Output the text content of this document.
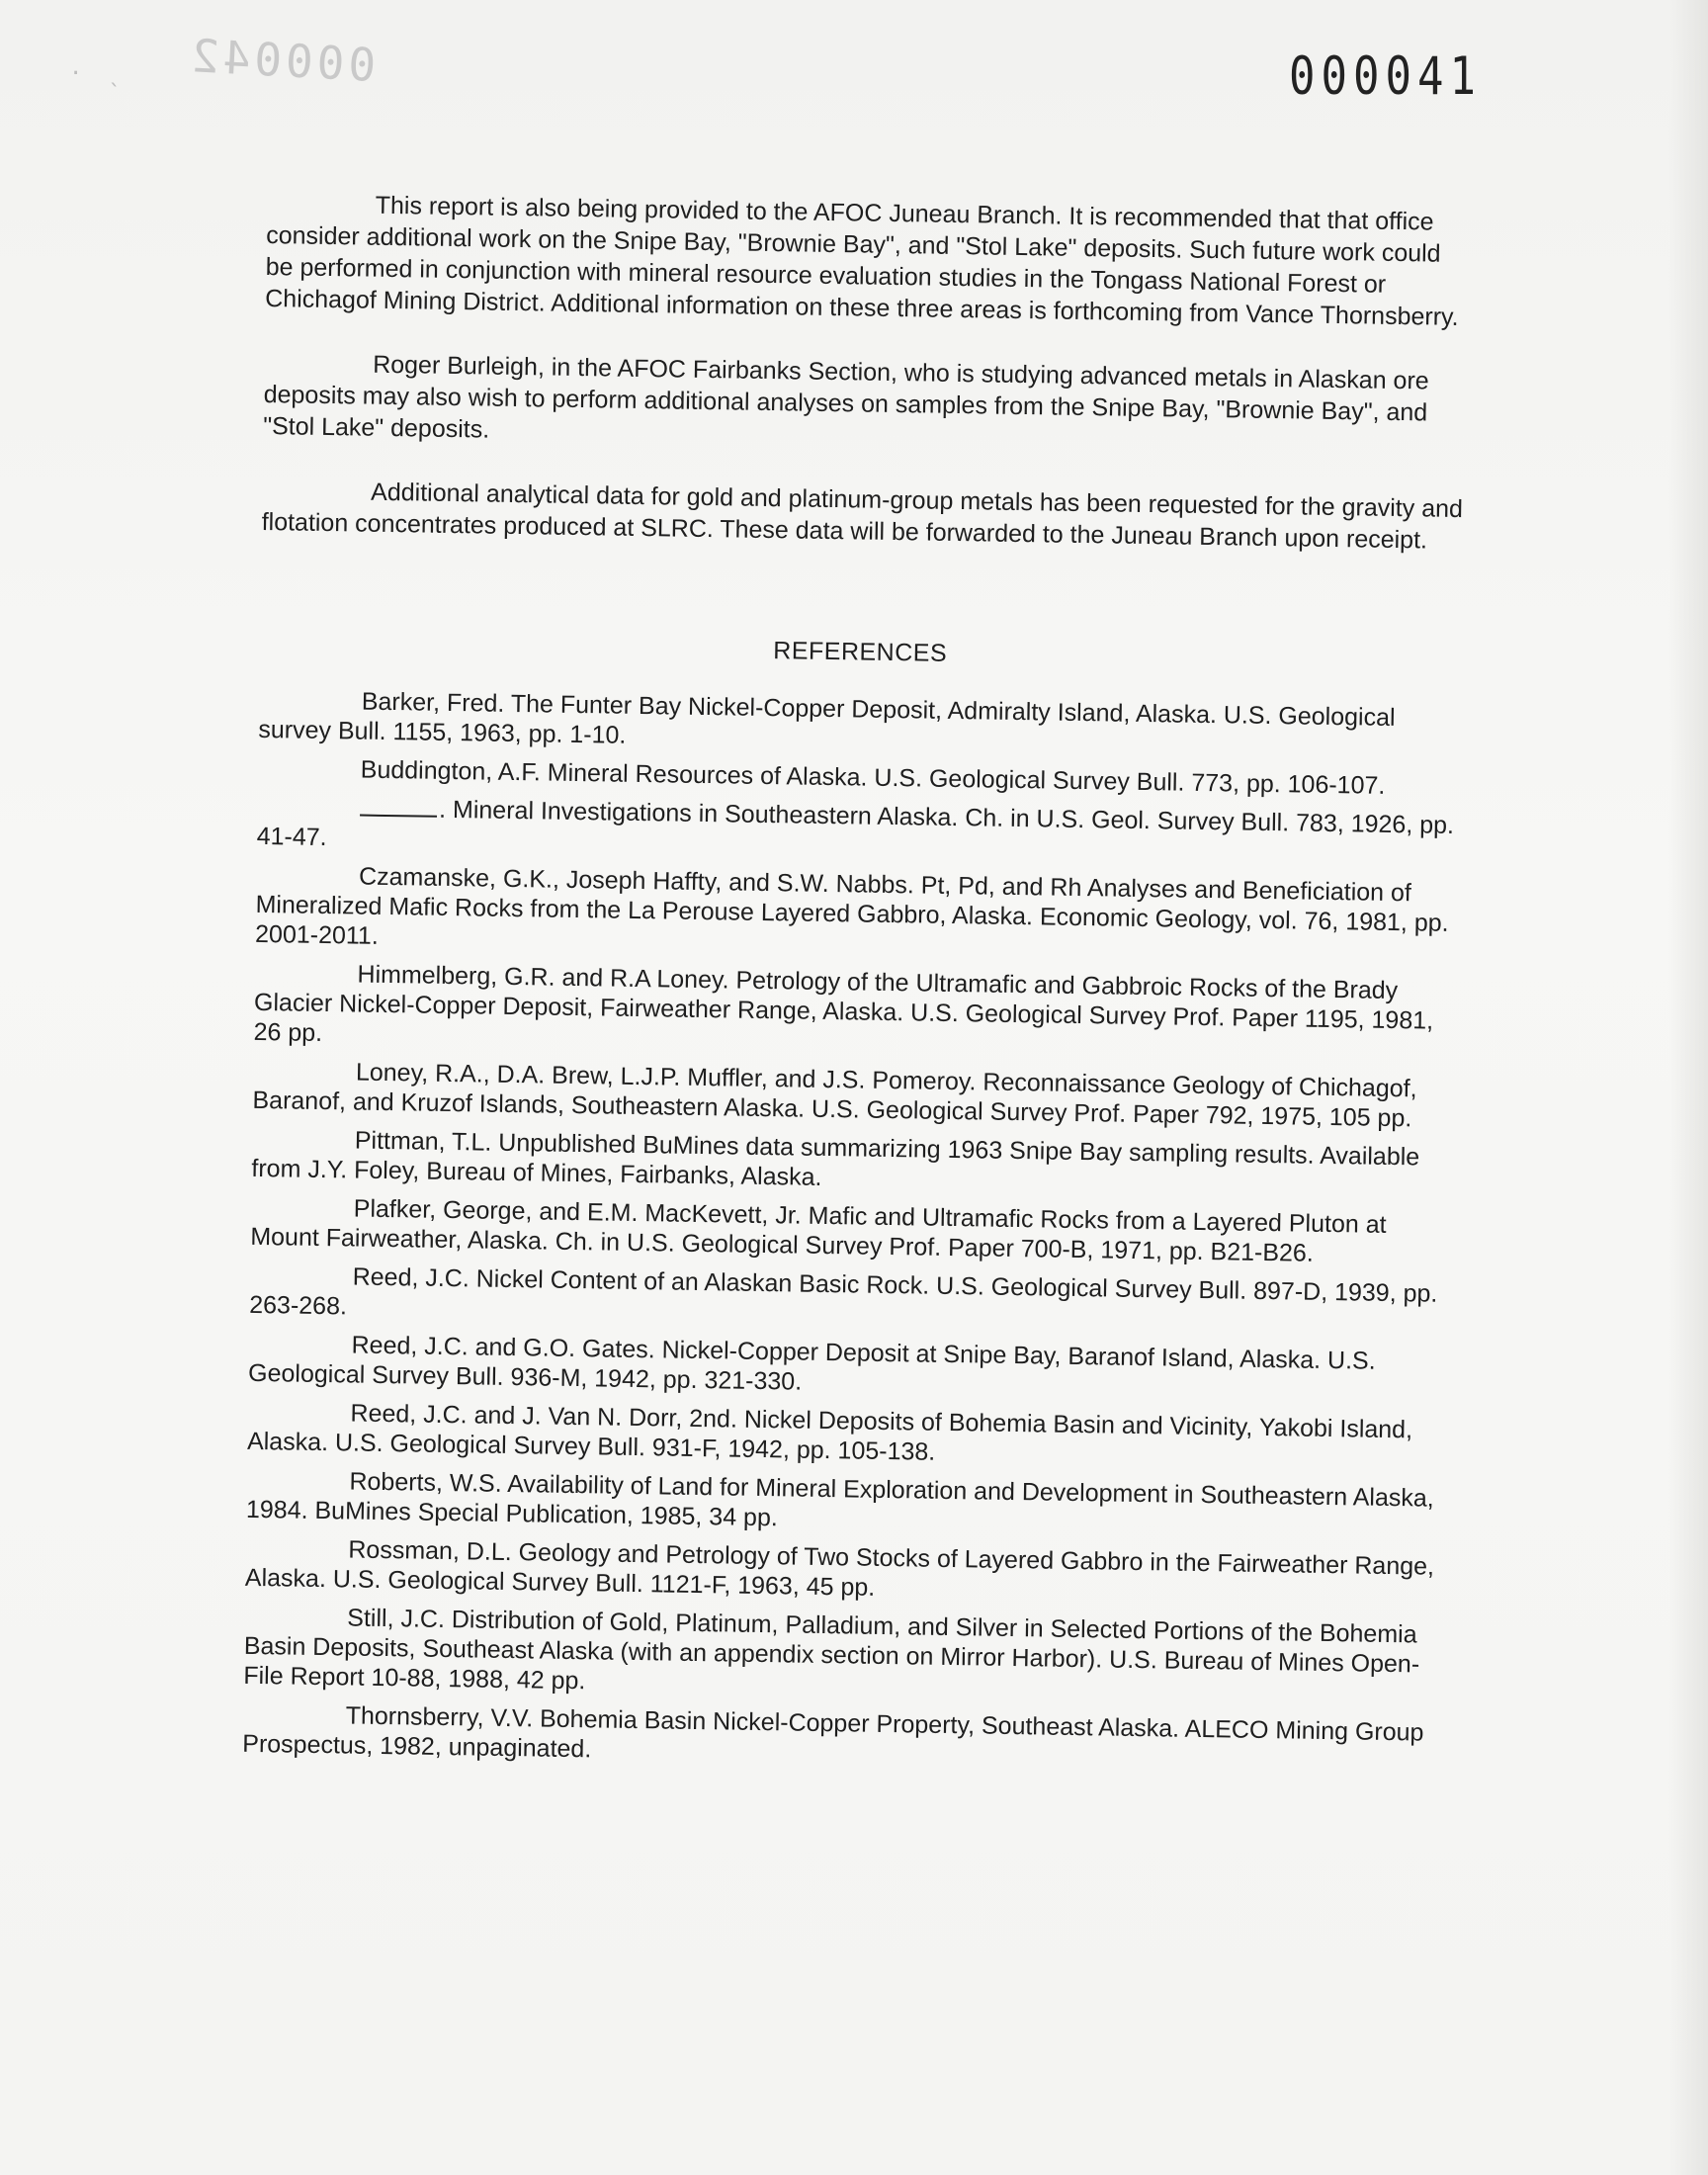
· ˎ 000042	000041

This report is also being provided to the AFOC Juneau Branch. It is recommended that that office consider additional work on the Snipe Bay, "Brownie Bay", and "Stol Lake" deposits. Such future work could be performed in conjunction with mineral resource evaluation studies in the Tongass National Forest or Chichagof Mining District. Additional information on these three areas is forthcoming from Vance Thornsberry.

Roger Burleigh, in the AFOC Fairbanks Section, who is studying advanced metals in Alaskan ore deposits may also wish to perform additional analyses on samples from the Snipe Bay, "Brownie Bay", and "Stol Lake" deposits.

Additional analytical data for gold and platinum-group metals has been requested for the gravity and flotation concentrates produced at SLRC. These data will be forwarded to the Juneau Branch upon receipt.

REFERENCES

Barker, Fred. The Funter Bay Nickel-Copper Deposit, Admiralty Island, Alaska. U.S. Geological survey Bull. 1155, 1963, pp. 1-10.

Buddington, A.F. Mineral Resources of Alaska. U.S. Geological Survey Bull. 773, pp. 106-107.

. Mineral Investigations in Southeastern Alaska. Ch. in U.S. Geol. Survey Bull. 783, 1926, pp. 41-47.

Czamanske, G.K., Joseph Haffty, and S.W. Nabbs. Pt, Pd, and Rh Analyses and Beneficiation of Mineralized Mafic Rocks from the La Perouse Layered Gabbro, Alaska. Economic Geology, vol. 76, 1981, pp. 2001-2011.

Himmelberg, G.R. and R.A Loney. Petrology of the Ultramafic and Gabbroic Rocks of the Brady Glacier Nickel-Copper Deposit, Fairweather Range, Alaska. U.S. Geological Survey Prof. Paper 1195, 1981, 26 pp.

Loney, R.A., D.A. Brew, L.J.P. Muffler, and J.S. Pomeroy. Reconnaissance Geology of Chichagof, Baranof, and Kruzof Islands, Southeastern Alaska. U.S. Geological Survey Prof. Paper 792, 1975, 105 pp.

Pittman, T.L. Unpublished BuMines data summarizing 1963 Snipe Bay sampling results. Available from J.Y. Foley, Bureau of Mines, Fairbanks, Alaska.

Plafker, George, and E.M. MacKevett, Jr. Mafic and Ultramafic Rocks from a Layered Pluton at Mount Fairweather, Alaska. Ch. in U.S. Geological Survey Prof. Paper 700-B, 1971, pp. B21-B26.

Reed, J.C. Nickel Content of an Alaskan Basic Rock. U.S. Geological Survey Bull. 897-D, 1939, pp. 263-268.

Reed, J.C. and G.O. Gates. Nickel-Copper Deposit at Snipe Bay, Baranof Island, Alaska. U.S. Geological Survey Bull. 936-M, 1942, pp. 321-330.

Reed, J.C. and J. Van N. Dorr, 2nd. Nickel Deposits of Bohemia Basin and Vicinity, Yakobi Island, Alaska. U.S. Geological Survey Bull. 931-F, 1942, pp. 105-138.

Roberts, W.S. Availability of Land for Mineral Exploration and Development in Southeastern Alaska, 1984. BuMines Special Publication, 1985, 34 pp.

Rossman, D.L. Geology and Petrology of Two Stocks of Layered Gabbro in the Fairweather Range, Alaska. U.S. Geological Survey Bull. 1121-F, 1963, 45 pp.

Still, J.C. Distribution of Gold, Platinum, Palladium, and Silver in Selected Portions of the Bohemia Basin Deposits, Southeast Alaska (with an appendix section on Mirror Harbor). U.S. Bureau of Mines Open-File Report 10-88, 1988, 42 pp.

Thornsberry, V.V. Bohemia Basin Nickel-Copper Property, Southeast Alaska. ALECO Mining Group Prospectus, 1982, unpaginated.
